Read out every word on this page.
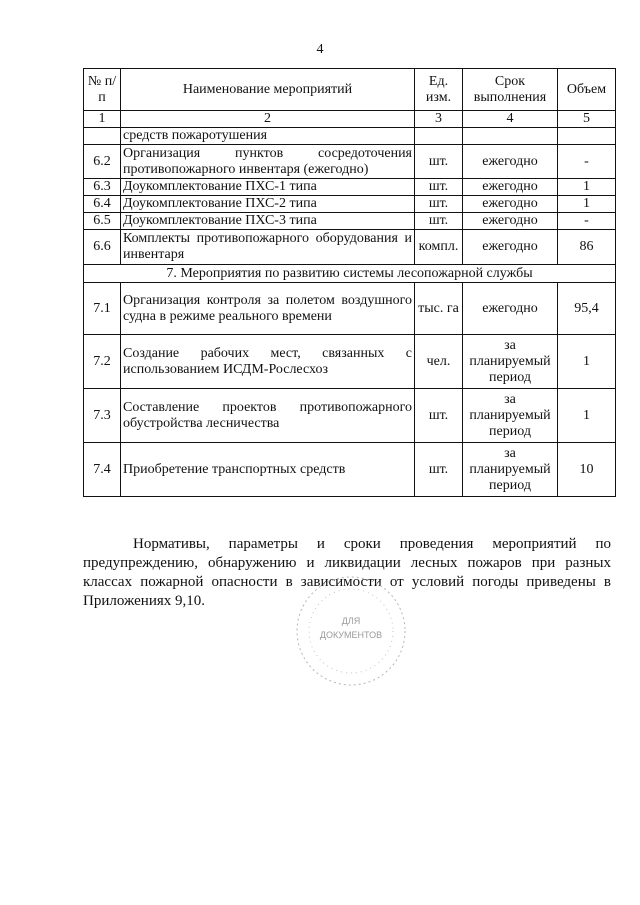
4
№ п/п	Наименование мероприятий	Ед. изм.	Срок выполнения	Объем
1	2	3	4	5
	средств пожаротушения			
6.2	Организация пунктов сосредоточения противопожарного инвентаря (ежегодно)	шт.	ежегодно	-
6.3	Доукомплектование ПХС-1 типа	шт.	ежегодно	1
6.4	Доукомплектование ПХС-2 типа	шт.	ежегодно	1
6.5	Доукомплектование ПХС-3 типа	шт.	ежегодно	-
6.6	Комплекты противопожарного оборудования и инвентаря	компл.	ежегодно	86
7. Мероприятия по развитию системы лесопожарной службы				
7.1	Организация контроля за полетом воздушного судна в режиме реального времени	тыс. га	ежегодно	95,4
7.2	Создание рабочих мест, связанных с использованием ИСДМ-Рослесхоз	чел.	за планируемый период	1
7.3	Составление проектов противопожарного обустройства лесничества	шт.	за планируемый период	1
7.4	Приобретение транспортных средств	шт.	за планируемый период	10

Нормативы, параметры и сроки проведения мероприятий по предупреждению, обнаружению и ликвидации лесных пожаров при разных классах пожарной опасности в зависимости от условий погоды приведены в Приложениях 9,10.

ДЛЯ
ДОКУМЕНТОВ
